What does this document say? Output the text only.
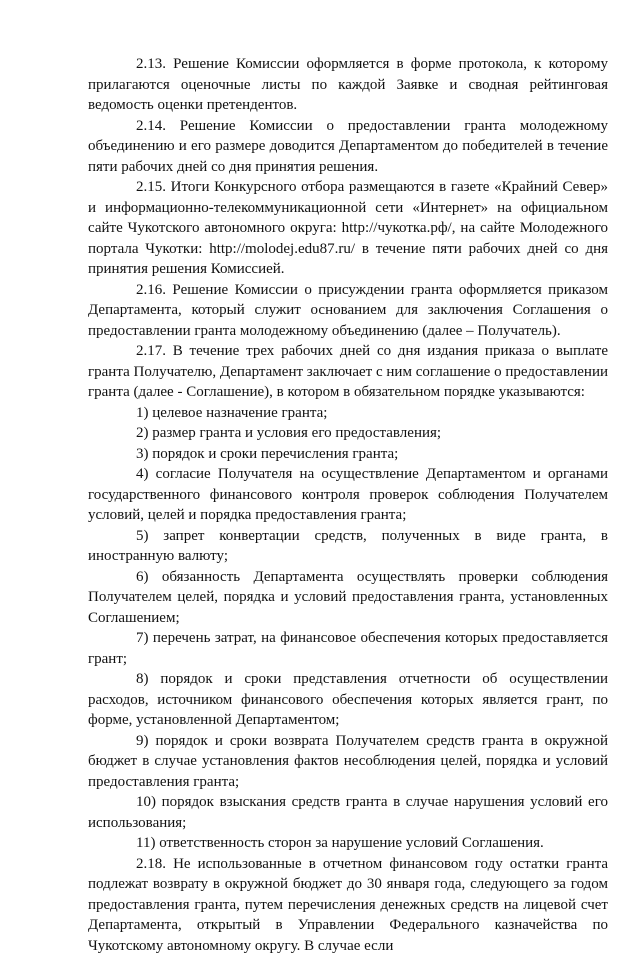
2.13. Решение Комиссии оформляется в форме протокола, к которому прилагаются оценочные листы по каждой Заявке и сводная рейтинговая ведомость оценки претендентов.

2.14. Решение Комиссии о предоставлении гранта молодежному объединению и его размере доводится Департаментом до победителей в течение пяти рабочих дней со дня принятия решения.

2.15. Итоги Конкурсного отбора размещаются в газете «Крайний Север» и информационно-телекоммуникационной сети «Интернет» на официальном сайте Чукотского автономного округа: http://чукотка.рф/, на сайте Молодежного портала Чукотки: http://molodej.edu87.ru/ в течение пяти рабочих дней со дня принятия решения Комиссией.

2.16. Решение Комиссии о присуждении гранта оформляется приказом Департамента, который служит основанием для заключения Соглашения о предоставлении гранта молодежному объединению (далее – Получатель).

2.17. В течение трех рабочих дней со дня издания приказа о выплате гранта Получателю, Департамент заключает с ним соглашение о предоставлении гранта (далее - Соглашение), в котором в обязательном порядке указываются:

1) целевое назначение гранта;

2) размер гранта и условия его предоставления;

3) порядок и сроки перечисления гранта;

4) согласие Получателя на осуществление Департаментом и органами государственного финансового контроля проверок соблюдения Получателем условий, целей и порядка предоставления гранта;

5) запрет конвертации средств, полученных в виде гранта, в иностранную валюту;

6) обязанность Департамента осуществлять проверки соблюдения Получателем целей, порядка и условий предоставления гранта, установленных Соглашением;

7) перечень затрат, на финансовое обеспечения которых предоставляется грант;

8) порядок и сроки представления отчетности об осуществлении расходов, источником финансового обеспечения которых является грант, по форме, установленной Департаментом;

9) порядок и сроки возврата Получателем средств гранта в окружной бюджет в случае установления фактов несоблюдения целей, порядка и условий предоставления гранта;

10) порядок взыскания средств гранта в случае нарушения условий его использования;

11) ответственность сторон за нарушение условий Соглашения.

2.18. Не использованные в отчетном финансовом году остатки гранта подлежат возврату в окружной бюджет до 30 января года, следующего за годом предоставления гранта, путем перечисления денежных средств на лицевой счет Департамента, открытый в Управлении Федерального казначейства по Чукотскому автономному округу. В случае если
